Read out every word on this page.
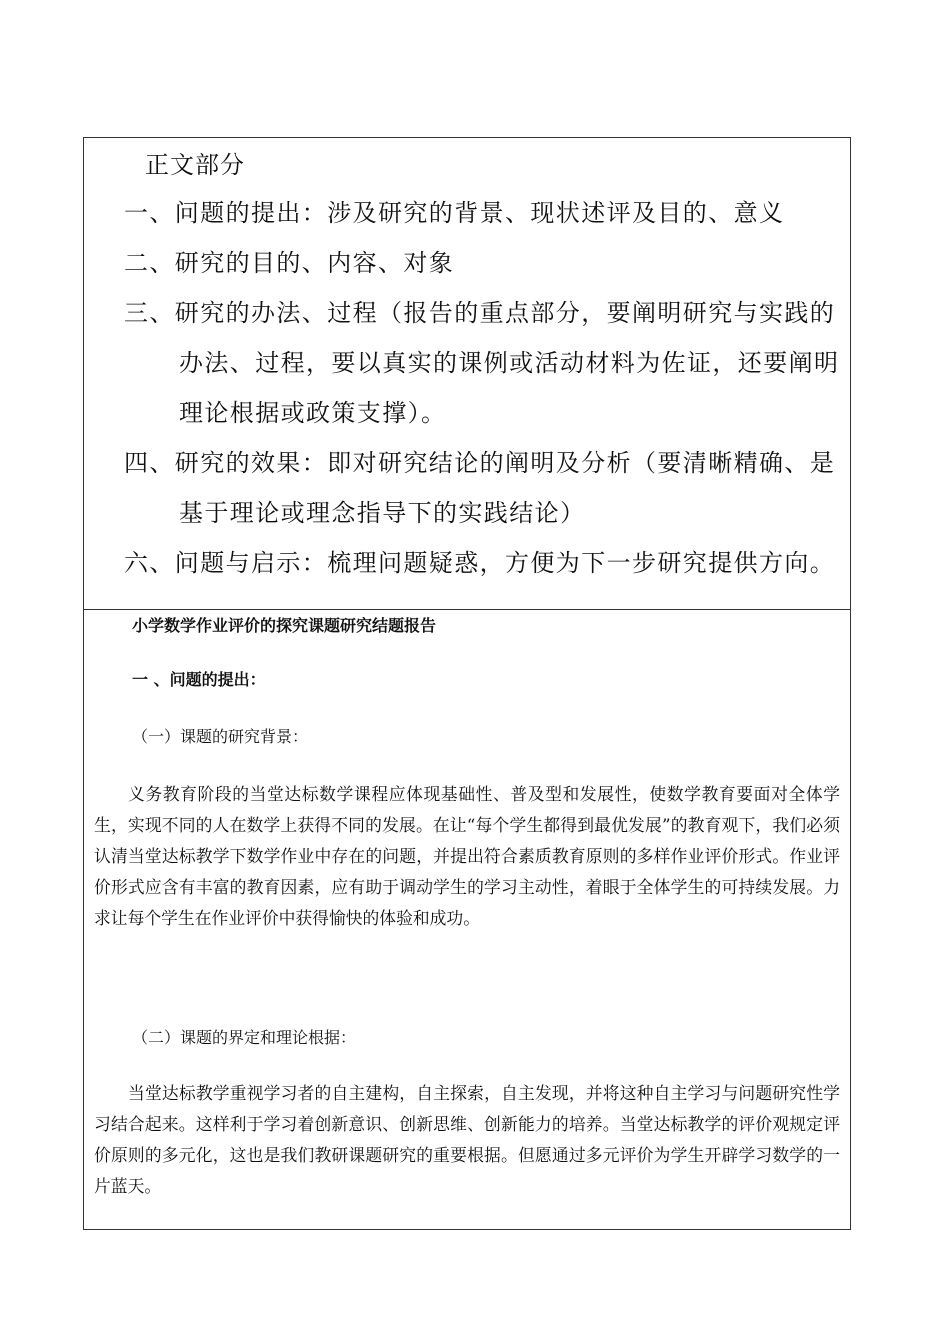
正文部分
一、问题的提出：涉及研究的背景、现状述评及目的、意义
二、研究的目的、内容、对象
三、研究的办法、过程（报告的重点部分，要阐明研究与实践的办法、过程，要以真实的课例或活动材料为佐证，还要阐明理论根据或政策支撑）。
四、研究的效果：即对研究结论的阐明及分析（要清晰精确、是基于理论或理念指导下的实践结论）
六、问题与启示：梳理问题疑惑，方便为下一步研究提供方向。
小学数学作业评价的探究课题研究结题报告
一 、问题的提出：
（一）课题的研究背景：
义务教育阶段的当堂达标数学课程应体现基础性、普及型和发展性，使数学教育要面对全体学生，实现不同的人在数学上获得不同的发展。在让“每个学生都得到最优发展”的教育观下，我们必须认清当堂达标教学下数学作业中存在的问题，并提出符合素质教育原则的多样作业评价形式。作业评价形式应含有丰富的教育因素，应有助于调动学生的学习主动性，着眼于全体学生的可持续发展。力求让每个学生在作业评价中获得愉快的体验和成功。
（二）课题的界定和理论根据：
当堂达标教学重视学习者的自主建构，自主探索，自主发现，并将这种自主学习与问题研究性学习结合起来。这样利于学习着创新意识、创新思维、创新能力的培养。当堂达标教学的评价观规定评价原则的多元化，这也是我们教研课题研究的重要根据。但愿通过多元评价为学生开辟学习数学的一片蓝天。
